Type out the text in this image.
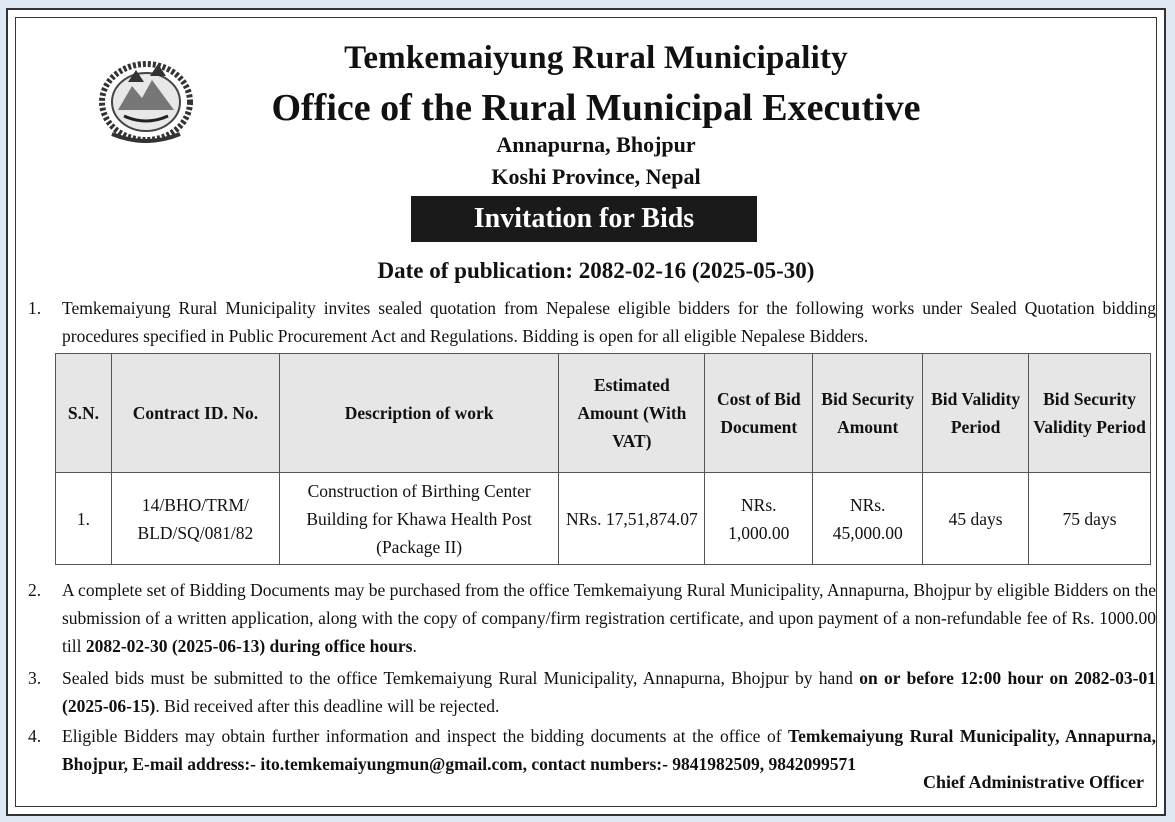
Temkemaiyung Rural Municipality
Office of the Rural Municipal Executive
Annapurna, Bhojpur
Koshi Province, Nepal
Invitation for Bids
Date of publication: 2082-02-16 (2025-05-30)
1. Temkemaiyung Rural Municipality invites sealed quotation from Nepalese eligible bidders for the following works under Sealed Quotation bidding procedures specified in Public Procurement Act and Regulations. Bidding is open for all eligible Nepalese Bidders.
S.N.	Contract ID. No.	Description of work	Estimated Amount (With VAT)	Cost of Bid Document	Bid Security Amount	Bid Validity Period	Bid Security Validity Period
1.	14/BHO/TRM/ BLD/SQ/081/82	Construction of Birthing Center Building for Khawa Health Post (Package II)	NRs. 17,51,874.07	NRs. 1,000.00	NRs. 45,000.00	45 days	75 days
2. A complete set of Bidding Documents may be purchased from the office Temkemaiyung Rural Municipality, Annapurna, Bhojpur by eligible Bidders on the submission of a written application, along with the copy of company/firm registration certificate, and upon payment of a non-refundable fee of Rs. 1000.00 till 2082-02-30 (2025-06-13) during office hours.
3. Sealed bids must be submitted to the office Temkemaiyung Rural Municipality, Annapurna, Bhojpur by hand on or before 12:00 hour on 2082-03-01 (2025-06-15). Bid received after this deadline will be rejected.
4. Eligible Bidders may obtain further information and inspect the bidding documents at the office of Temkemaiyung Rural Municipality, Annapurna, Bhojpur, E-mail address:- ito.temkemaiyungmun@gmail.com, contact numbers:- 9841982509, 9842099571
Chief Administrative Officer
